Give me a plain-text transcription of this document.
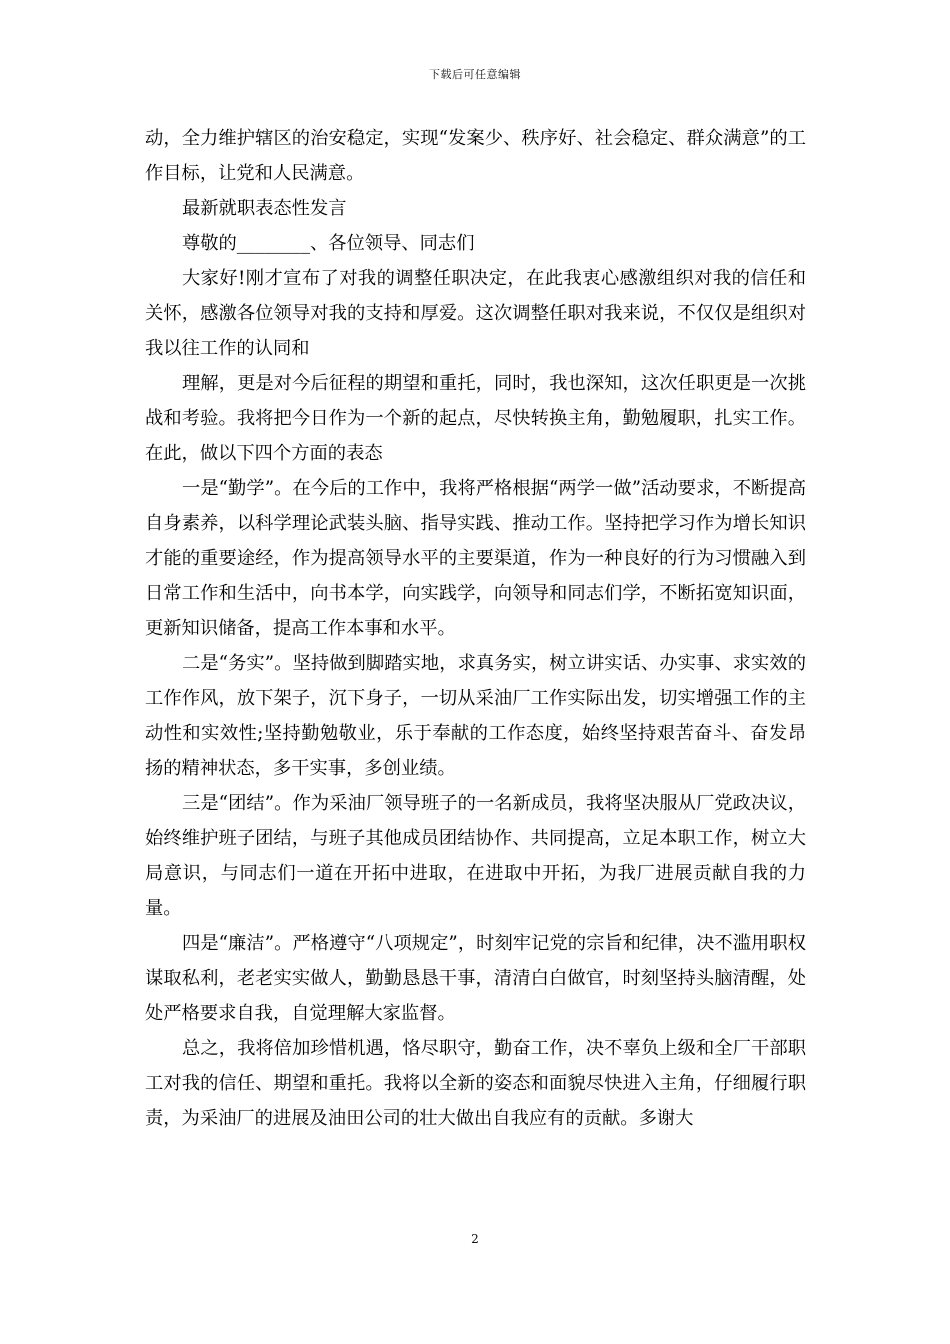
下载后可任意编辑

动，全力维护辖区的治安稳定，实现“发案少、秩序好、社会稳定、群众满意”的工作目标，让党和人民满意。

最新就职表态性发言

尊敬的________、各位领导、同志们

大家好!刚才宣布了对我的调整任职决定，在此我衷心感激组织对我的信任和关怀，感激各位领导对我的支持和厚爱。这次调整任职对我来说，不仅仅是组织对我以往工作的认同和

理解，更是对今后征程的期望和重托，同时，我也深知，这次任职更是一次挑战和考验。我将把今日作为一个新的起点，尽快转换主角，勤勉履职，扎实工作。在此，做以下四个方面的表态

一是“勤学”。在今后的工作中，我将严格根据“两学一做”活动要求，不断提高自身素养，以科学理论武装头脑、指导实践、推动工作。坚持把学习作为增长知识才能的重要途经，作为提高领导水平的主要渠道，作为一种良好的行为习惯融入到日常工作和生活中，向书本学，向实践学，向领导和同志们学，不断拓宽知识面，更新知识储备，提高工作本事和水平。

二是“务实”。坚持做到脚踏实地，求真务实，树立讲实话、办实事、求实效的工作作风，放下架子，沉下身子，一切从采油厂工作实际出发，切实增强工作的主动性和实效性;坚持勤勉敬业，乐于奉献的工作态度，始终坚持艰苦奋斗、奋发昂扬的精神状态，多干实事，多创业绩。

三是“团结”。作为采油厂领导班子的一名新成员，我将坚决服从厂党政决议，始终维护班子团结，与班子其他成员团结协作、共同提高，立足本职工作，树立大局意识，与同志们一道在开拓中进取，在进取中开拓，为我厂进展贡献自我的力量。

四是“廉洁”。严格遵守“八项规定”，时刻牢记党的宗旨和纪律，决不滥用职权谋取私利，老老实实做人，勤勤恳恳干事，清清白白做官，时刻坚持头脑清醒，处处严格要求自我，自觉理解大家监督。

总之，我将倍加珍惜机遇，恪尽职守，勤奋工作，决不辜负上级和全厂干部职工对我的信任、期望和重托。我将以全新的姿态和面貌尽快进入主角，仔细履行职责，为采油厂的进展及油田公司的壮大做出自我应有的贡献。多谢大

2
